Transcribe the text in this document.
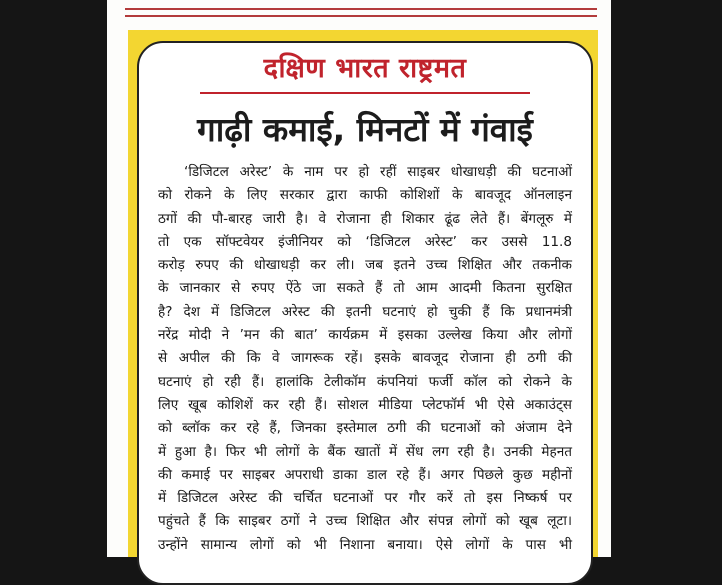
दक्षिण भारत राष्ट्रमत
गाढ़ी कमाई, मिनटों में गंवाई
‘डिजिटल अरेस्ट’ के नाम पर हो रहीं साइबर धोखाधड़ी की घटनाओं
को रोकने के लिए सरकार द्वारा काफी कोशिशों के बावजूद ऑनलाइन
ठगों की पौ-बारह जारी है। वे रोजाना ही शिकार ढूंढ लेते हैं। बेंगलूरु में
तो एक सॉफ्टवेयर इंजीनियर को ‘डिजिटल अरेस्ट’ कर उससे 11.8
करोड़ रुपए की धोखाधड़ी कर ली। जब इतने उच्च शिक्षित और तकनीक
के जानकार से रुपए ऐंठे जा सकते हैं तो आम आदमी कितना सुरक्षित
है? देश में डिजिटल अरेस्ट की इतनी घटनाएं हो चुकी हैं कि प्रधानमंत्री
नरेंद्र मोदी ने ’मन की बात’ कार्यक्रम में इसका उल्लेख किया और लोगों
से अपील की कि वे जागरूक रहें। इसके बावजूद रोजाना ही ठगी की
घटनाएं हो रही हैं। हालांकि टेलीकॉम कंपनियां फर्जी कॉल को रोकने के
लिए खूब कोशिशें कर रही हैं। सोशल मीडिया प्लेटफॉर्म भी ऐसे अकाउंट्स
को ब्लॉक कर रहे हैं, जिनका इस्तेमाल ठगी की घटनाओं को अंजाम देने
में हुआ है। फिर भी लोगों के बैंक खातों में सेंध लग रही है। उनकी मेहनत
की कमाई पर साइबर अपराधी डाका डाल रहे हैं। अगर पिछले कुछ महीनों
में डिजिटल अरेस्ट की चर्चित घटनाओं पर गौर करें तो इस निष्कर्ष पर
पहुंचते हैं कि साइबर ठगों ने उच्च शिक्षित और संपन्न लोगों को खूब लूटा।
उन्होंने सामान्य लोगों को भी निशाना बनाया। ऐसे लोगों के पास भी
